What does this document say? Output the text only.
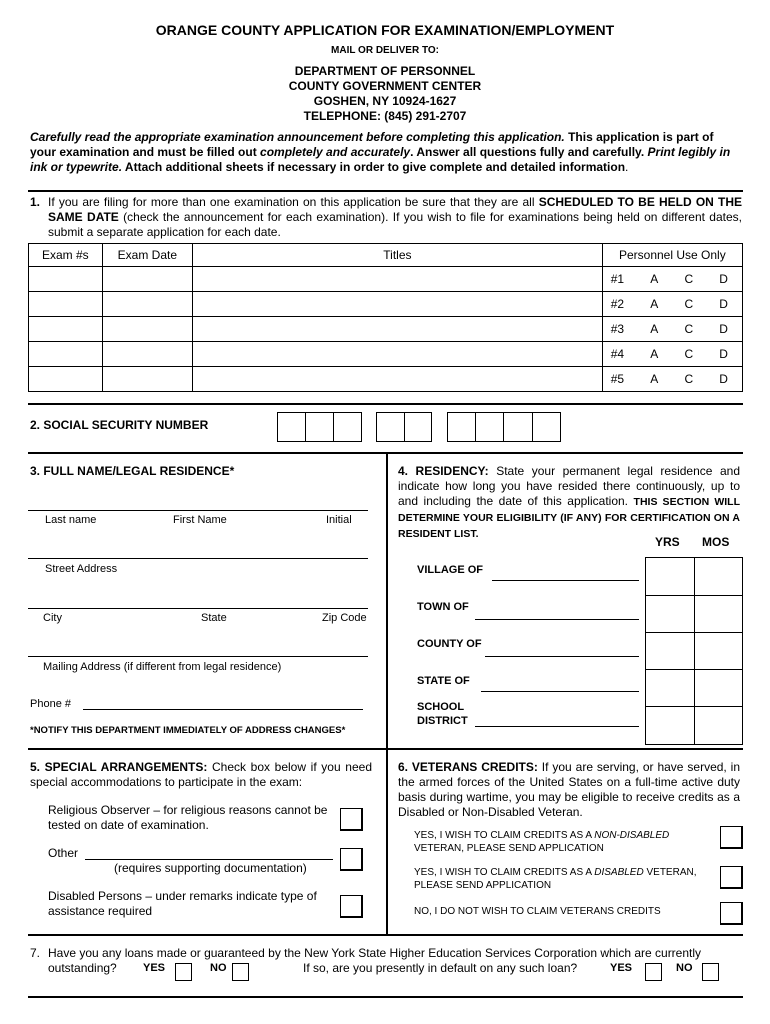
ORANGE COUNTY APPLICATION FOR EXAMINATION/EMPLOYMENT
MAIL OR DELIVER TO:
DEPARTMENT OF PERSONNEL
COUNTY GOVERNMENT CENTER
GOSHEN, NY 10924-1627
TELEPHONE: (845) 291-2707
Carefully read the appropriate examination announcement before completing this application. This application is part of your examination and must be filled out completely and accurately. Answer all questions fully and carefully. Print legibly in ink or typewrite. Attach additional sheets if necessary in order to give complete and detailed information.
1. If you are filing for more than one examination on this application be sure that they are all SCHEDULED TO BE HELD ON THE SAME DATE (check the announcement for each examination). If you wish to file for examinations being held on different dates, submit a separate application for each date.
Exam #s	Exam Date	Titles	Personnel Use Only

			#1 A C D

			#2 A C D

			#3 A C D

			#4 A C D

			#5 A C D
2. SOCIAL SECURITY NUMBER
3. FULL NAME/LEGAL RESIDENCE*
Last name	First Name	Initial
Street Address
City	State	Zip Code
Mailing Address (if different from legal residence)
Phone #
*NOTIFY THIS DEPARTMENT IMMEDIATELY OF ADDRESS CHANGES*
4. RESIDENCY: State your permanent legal residence and indicate how long you have resided there continuously, up to and including the date of this application. THIS SECTION WILL DETERMINE YOUR ELIGIBILITY (IF ANY) FOR CERTIFICATION ON A RESIDENT LIST.
YRS MOS
VILLAGE OF
TOWN OF
COUNTY OF
STATE OF
SCHOOL
DISTRICT
5. SPECIAL ARRANGEMENTS: Check box below if you need special accommodations to participate in the exam:
Religious Observer – for religious reasons cannot be tested on date of examination.
Other
(requires supporting documentation)
Disabled Persons – under remarks indicate type of assistance required
6. VETERANS CREDITS: If you are serving, or have served, in the armed forces of the United States on a full-time active duty basis during wartime, you may be eligible to receive credits as a Disabled or Non-Disabled Veteran.
YES, I WISH TO CLAIM CREDITS AS A NON-DISABLED VETERAN, PLEASE SEND APPLICATION
YES, I WISH TO CLAIM CREDITS AS A DISABLED VETERAN, PLEASE SEND APPLICATION
NO, I DO NOT WISH TO CLAIM VETERANS CREDITS
7. Have you any loans made or guaranteed by the New York State Higher Education Services Corporation which are currently
outstanding? YES	NO	If so, are you presently in default on any such loan?	YES	NO
